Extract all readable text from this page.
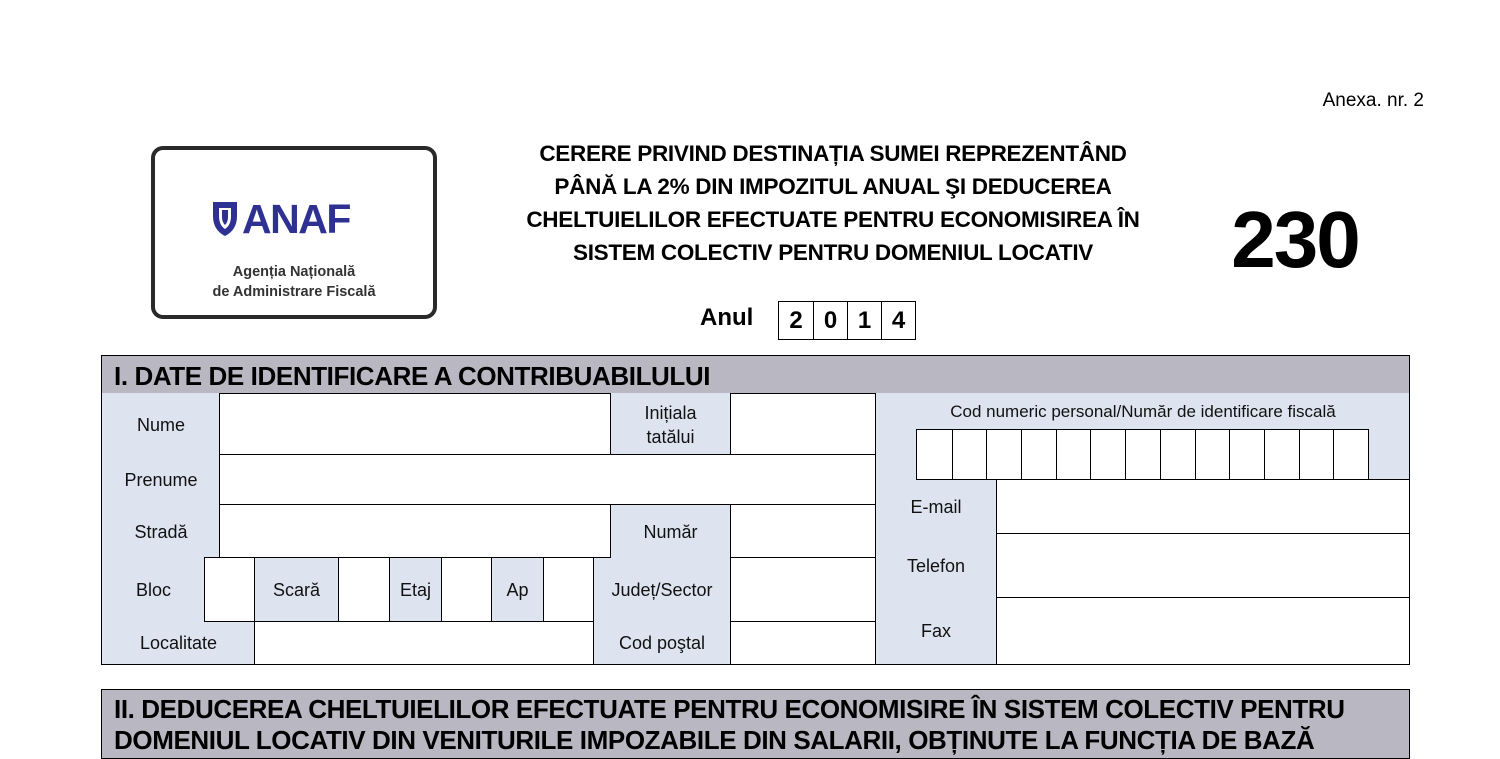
Anexa. nr. 2
ANAF
Agenția Națională
de Administrare Fiscală
CERERE PRIVIND DESTINAȚIA SUMEI REPREZENTÂND
PÂNĂ LA 2% DIN IMPOZITUL ANUAL ŞI DEDUCEREA
CHELTUIELILOR EFECTUATE PENTRU ECONOMISIREA ÎN
SISTEM COLECTIV PENTRU DOMENIUL LOCATIV	230
Anul	2 0 1 4
I. DATE DE IDENTIFICARE A CONTRIBUABILULUI
Nume
Inițiala
tatălui
Cod numeric personal/Număr de identificare fiscală
Prenume
E-mail
Stradă	Număr
Telefon
Bloc	Scară	Etaj	Ap	Județ/Sector
Fax
Localitate	Cod poştal
II. DEDUCEREA CHELTUIELILOR EFECTUATE PENTRU ECONOMISIRE ÎN SISTEM COLECTIV PENTRU
DOMENIUL LOCATIV DIN VENITURILE IMPOZABILE DIN SALARII, OBȚINUTE LA FUNCȚIA DE BAZĂ
